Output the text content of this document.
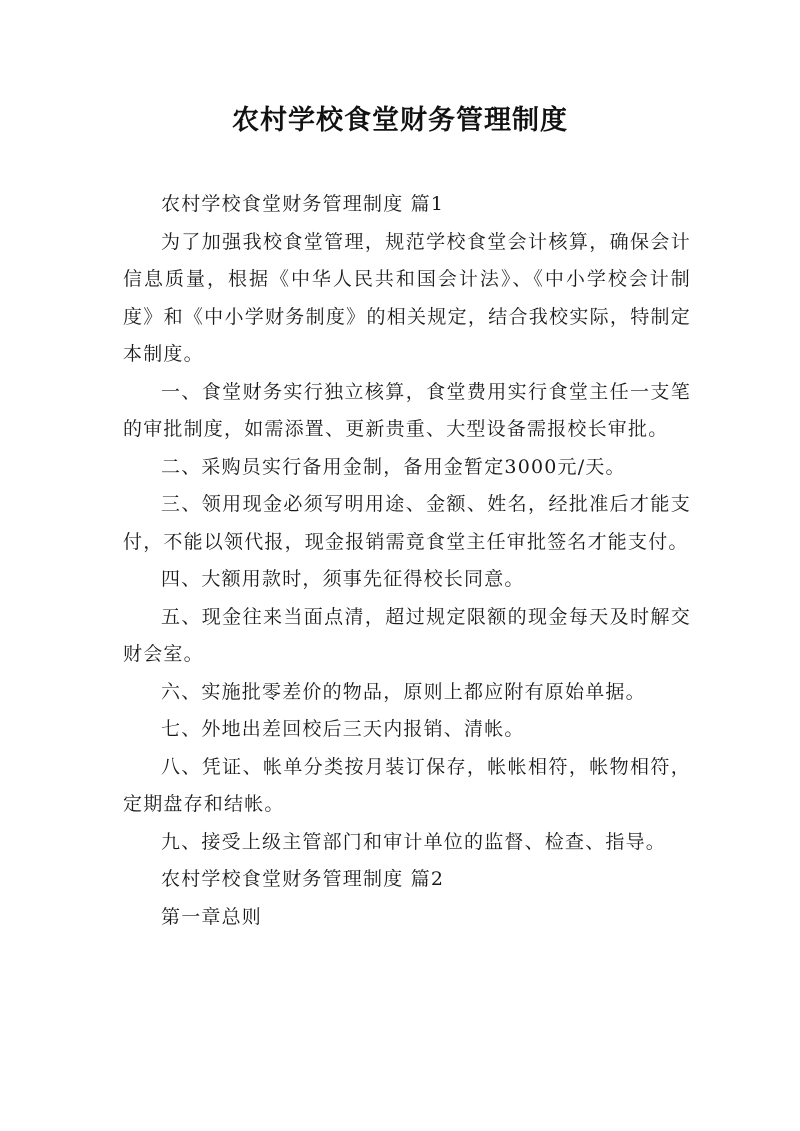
农村学校食堂财务管理制度

农村学校食堂财务管理制度 篇1

为了加强我校食堂管理，规范学校食堂会计核算，确保会计信息质量，根据《中华人民共和国会计法》、《中小学校会计制度》和《中小学财务制度》的相关规定，结合我校实际，特制定本制度。

一、食堂财务实行独立核算，食堂费用实行食堂主任一支笔的审批制度，如需添置、更新贵重、大型设备需报校长审批。

二、采购员实行备用金制，备用金暂定3000元/天。

三、领用现金必须写明用途、金额、姓名，经批准后才能支付，不能以领代报，现金报销需竟食堂主任审批签名才能支付。

四、大额用款时，须事先征得校长同意。

五、现金往来当面点清，超过规定限额的现金每天及时解交财会室。

六、实施批零差价的物品，原则上都应附有原始单据。

七、外地出差回校后三天内报销、清帐。

八、凭证、帐单分类按月装订保存，帐帐相符，帐物相符，定期盘存和结帐。

九、接受上级主管部门和审计单位的监督、检查、指导。

农村学校食堂财务管理制度 篇2

第一章总则
